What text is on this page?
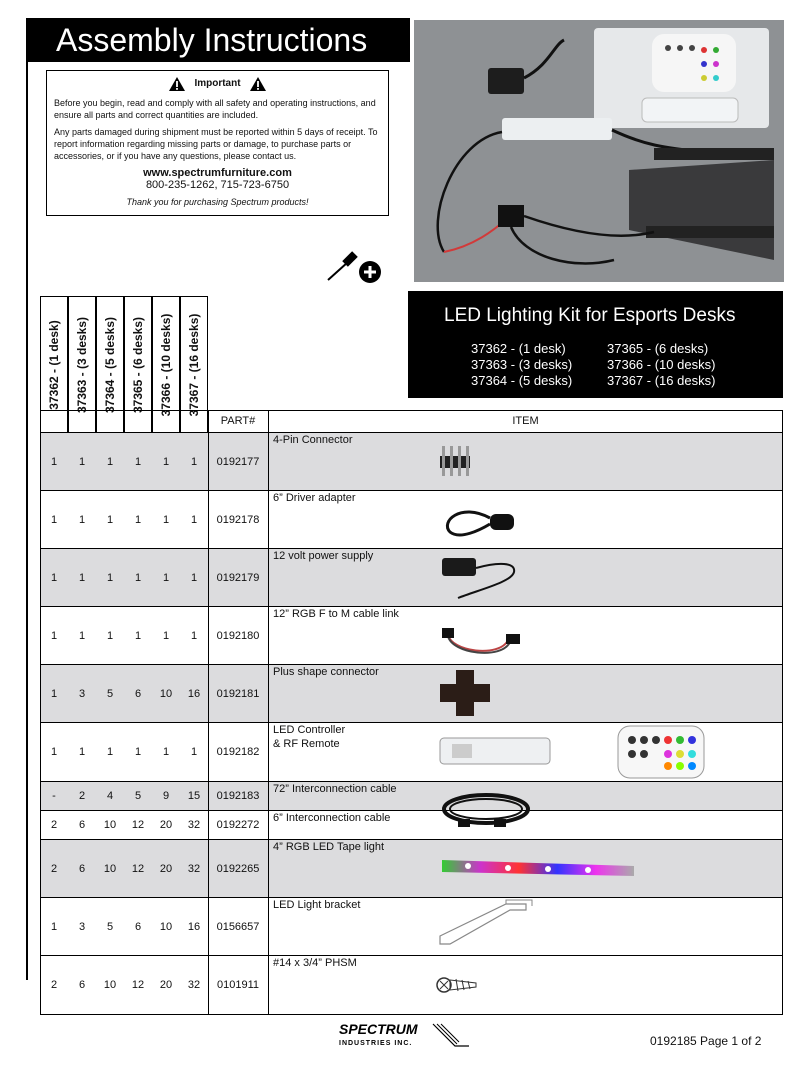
Assembly Instructions
Important

Before you begin, read and comply with all safety and operating instructions, and ensure all parts and correct quantities are included.

Any parts damaged during shipment must be reported within 5 days of receipt. To report information regarding missing parts or damage, to purchase parts or accessories, or if you have any questions, please contact us.

www.spectrumfurniture.com
800-235-1262, 715-723-6750
Thank you for purchasing Spectrum products!
LED Lighting Kit for Esports Desks
37362 - (1 desk)
37363 - (3 desks)
37364 - (5 desks)
37365 - (6 desks)
37366 - (10 desks)
37367 - (16 desks)
37362 - (1 desk) 37363 - (3 desks) 37364 - (5 desks) 37365 - (6 desks) 37366 - (10 desks) 37367 - (16 desks)
PART#	ITEM
1	1	1	1	1	1	0192177
4-Pin Connector
1	1	1	1	1	1	0192178
6” Driver adapter
1	1	1	1	1	1	0192179
12 volt power supply
1	1	1	1	1	1	0192180
12” RGB F to M cable link
1	3	5	6	10	16	0192181
Plus shape connector
1	1	1	1	1	1	0192182
LED Controller
& RF Remote
-	2	4	5	9	15	0192183
72” Interconnection cable
2	6	10	12	20	32	0192272
6” Interconnection cable
2	6	10	12	20	32	0192265
4” RGB LED Tape light
1	3	5	6	10	16	0156657
LED Light bracket
2	6	10	12	20	32	0101911
#14 x 3/4” PHSM
SPECTRUM
INDUSTRIES INC.	0192185 Page 1 of 2
